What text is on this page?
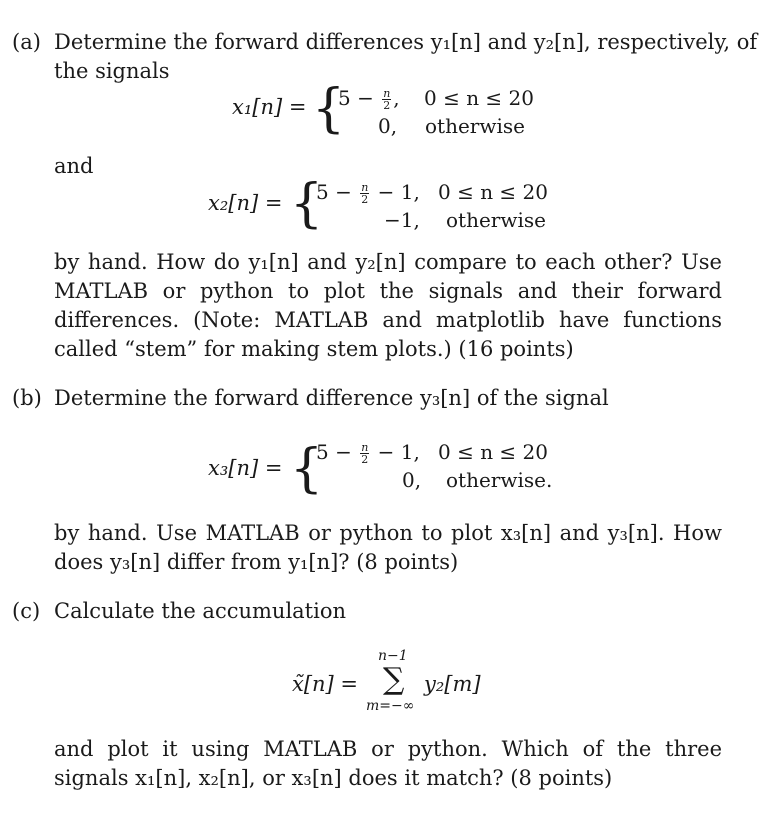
(a) Determine the forward differences y₁[n] and y₂[n], respectively, of
the signals
x₁[n] = {
$5 - \frac{n}{2}$ , 0 ≤ n ≤ 20
0, otherwise
and
x₂[n] = {
$5 - \frac{n}{2} - 1$, 0 ≤ n ≤ 20
−1, otherwise
by hand. How do y₁[n] and y₂[n] compare to each other? Use MATLAB or python to plot the signals and their forward differences. (Note: MATLAB and matplotlib have functions called “stem” for making stem plots.) (16 points)
(b) Determine the forward difference y₃[n] of the signal
x₃[n] = {
$5 - \frac{n}{2} - 1$, 0 ≤ n ≤ 20
0, otherwise.
by hand. Use MATLAB or python to plot x₃[n] and y₃[n]. How does y₃[n] differ from y₁[n]? (8 points)
(c) Calculate the accumulation
x̃[n] =
n−1
∑
m=−∞
y₂[m]
and plot it using MATLAB or python. Which of the three signals x₁[n], x₂[n], or x₃[n] does it match? (8 points)
